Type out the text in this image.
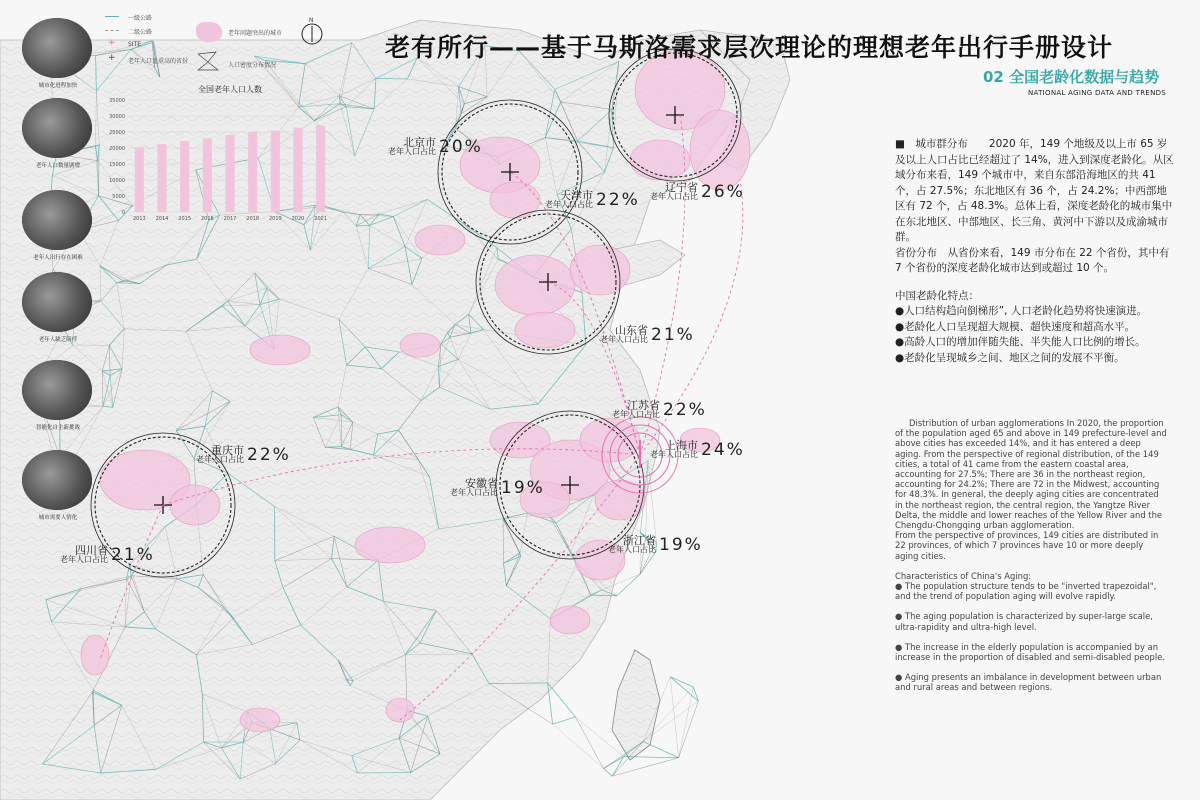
全国老年人口人数
0
5000
10000
15000
20000
25000
30000
35000
2013 2014 2015 2016 2017 2018 2019 2020 2021
老有所行——基于马斯洛需求层次理论的理想老年出行手册设计
02 全国老龄化数据与趋势
NATIONAL AGING DATA AND TRENDS
一级公路
二级公路
+ SITE
+ 老年人口比重高的省份
老年问题突出的城市
人口密度分布情况
N
城市化进程加快
老年人口数量剧增
老年人出行存在困难
老年人缺乏陪伴
智能化自主新挑战
城市需要人情化
北京市
老年人口占比 20%
天津市
老年人口占比 22%
辽宁省
老年人口占比 26%
山东省
老年人口占比 21%
江苏省
老年人口占比 22%
上海市
老年人口占比 24%
安徽省
老年人口占比 19%
浙江省
老年人口占比 19%
重庆市
老年人口占比 22%
四川省
老年人口占比 21%

■　城市群分布　　2020 年，149 个地级及以上市 65 岁及以上人口占比已经超过了 14%，进入到深度老龄化。从区域分布来看，149 个城市中，来自东部沿海地区的共 41 个，占 27.5%；东北地区有 36 个，占 24.2%；中西部地区有 72 个，占 48.3%。总体上看，深度老龄化的城市集中在东北地区、中部地区、长三角、黄河中下游以及成渝城市群。

省份分布　从省份来看，149 市分布在 22 个省份，其中有 7 个省份的深度老龄化城市达到或超过 10 个。

中国老龄化特点：

●人口结构趋向倒梯形”, 人口老龄化趋势将快速演进。

●老龄化人口呈现超大规模、超快速度和超高水平。

●高龄人口的增加伴随失能、半失能人口比例的增长。

●老龄化呈现城乡之间、地区之间的发展不平衡。

Distribution of urban agglomerations In 2020, the proportion of the population aged 65 and above in 149 prefecture-level and above cities has exceeded 14%, and it has entered a deep aging. From the perspective of regional distribution, of the 149 cities, a total of 41 came from the eastern coastal area, accounting for 27.5%; There are 36 in the northeast region, accounting for 24.2%; There are 72 in the Midwest, accounting for 48.3%. In general, the deeply aging cities are concentrated in the northeast region, the central region, the Yangtze River Delta, the middle and lower reaches of the Yellow River and the Chengdu-Chongqing urban agglomeration.

From the perspective of provinces, 149 cities are distributed in 22 provinces, of which 7 provinces have 10 or more deeply aging cities.

Characteristics of China's Aging:

● The population structure tends to be "inverted trapezoidal", and the trend of population aging will evolve rapidly.

● The aging population is characterized by super-large scale, ultra-rapidity and ultra-high level.

● The increase in the elderly population is accompanied by an increase in the proportion of disabled and semi-disabled people.

● Aging presents an imbalance in development between urban and rural areas and between regions.
